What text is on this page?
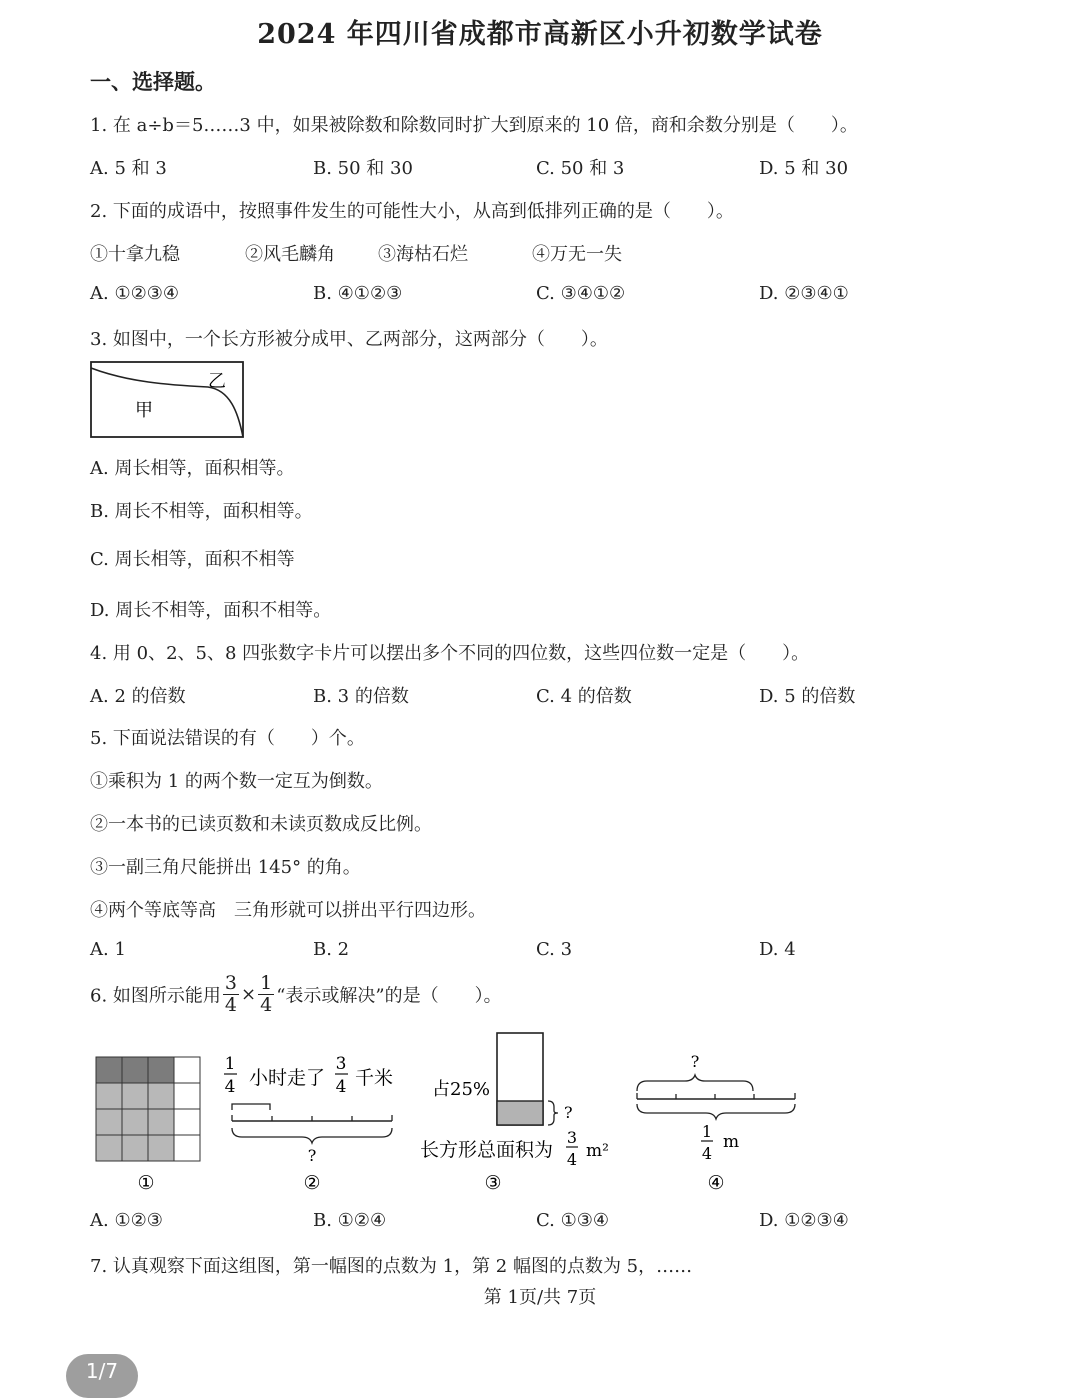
2024 年四川省成都市高新区小升初数学试卷
一、选择题。
1. 在 a÷b＝5……3 中，如果被除数和除数同时扩大到原来的 10 倍，商和余数分别是（　　）。
A. 5 和 3	B. 50 和 30	C. 50 和 3	D. 5 和 30
2. 下面的成语中，按照事件发生的可能性大小，从高到低排列正确的是（　　）。
①十拿九稳	②风毛麟角 ③海枯石烂	④万无一失
A. ①②③④	B. ④①②③	C. ③④①②	D. ②③④①
3. 如图中，一个长方形被分成甲、乙两部分，这两部分（　　）。
甲
乙
A. 周长相等，面积相等。
B. 周长不相等，面积相等。
C. 周长相等，面积不相等
D. 周长不相等，面积不相等。
4. 用 0、2、5、8 四张数字卡片可以摆出多个不同的四位数，这些四位数一定是（　　）。
A. 2 的倍数	B. 3 的倍数	C. 4 的倍数	D. 5 的倍数
5. 下面说法错误的有（　　）个。
①乘积为 1 的两个数一定互为倒数。
②一本书的已读页数和未读页数成反比例。
③一副三角尺能拼出 145° 的角。
④两个等底等高　三角形就可以拼出平行四边形。
A. 1	B. 2	C. 3	D. 4
6. 如图所示能用 $\frac{3}{4} \times \frac{1}{4}$ “表示或解决”的是（　　）。
1
4 小时走了
3
4 千米
?
占25%
?
长方形总面积为
3
4 m²
?
1
4
m
①	②	③	④
A. ①②③	B. ①②④	C. ①③④	D. ①②③④
7. 认真观察下面这组图，第一幅图的点数为 1，第 2 幅图的点数为 5，……
第 1页/共 7页
1/7
